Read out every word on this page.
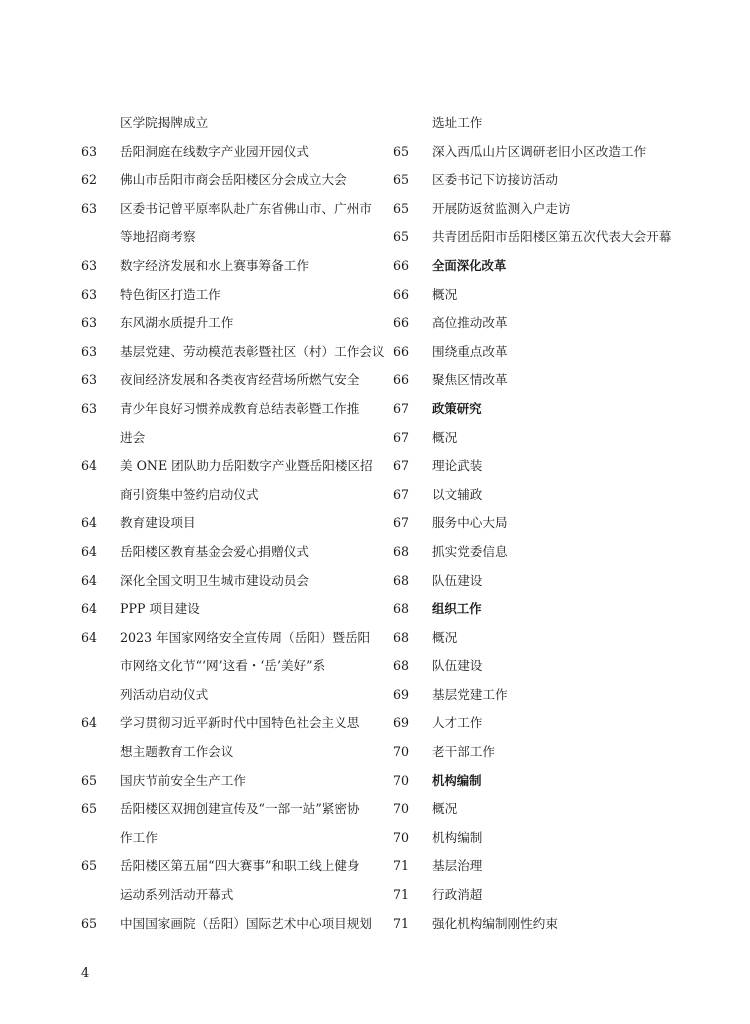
区学院揭牌成立
63 岳阳洞庭在线数字产业园开园仪式
62 佛山市岳阳市商会岳阳楼区分会成立大会
63 区委书记曾平原率队赴广东省佛山市、广州市
等地招商考察
63 数字经济发展和水上赛事筹备工作
63 特色街区打造工作
63 东风湖水质提升工作
63 基层党建、劳动模范表彰暨社区（村）工作会议
63 夜间经济发展和各类夜宵经营场所燃气安全
63 青少年良好习惯养成教育总结表彰暨工作推
进会
64 美 ONE 团队助力岳阳数字产业暨岳阳楼区招
商引资集中签约启动仪式
64 教育建设项目
64 岳阳楼区教育基金会爱心捐赠仪式
64 深化全国文明卫生城市建设动员会
64 PPP 项目建设
64 2023 年国家网络安全宣传周（岳阳）暨岳阳
市网络文化节“‘网’这看・‘岳’美好”系
列活动启动仪式
64 学习贯彻习近平新时代中国特色社会主义思
想主题教育工作会议
65 国庆节前安全生产工作
65 岳阳楼区双拥创建宣传及“一部一站”紧密协
作工作
65 岳阳楼区第五届“四大赛事”和职工线上健身
运动系列活动开幕式
65 中国国家画院（岳阳）国际艺术中心项目规划
选址工作
65 深入西瓜山片区调研老旧小区改造工作
65 区委书记下访接访活动
65 开展防返贫监测入户走访
65 共青团岳阳市岳阳楼区第五次代表大会开幕
66 全面深化改革
66 概况
66 高位推动改革
66 围绕重点改革
66 聚焦区情改革
67 政策研究
67 概况
67 理论武装
67 以文辅政
67 服务中心大局
68 抓实党委信息
68 队伍建设
68 组织工作
68 概况
68 队伍建设
69 基层党建工作
69 人才工作
70 老干部工作
70 机构编制
70 概况
70 机构编制
71 基层治理
71 行政消超
71 强化机构编制刚性约束
4
